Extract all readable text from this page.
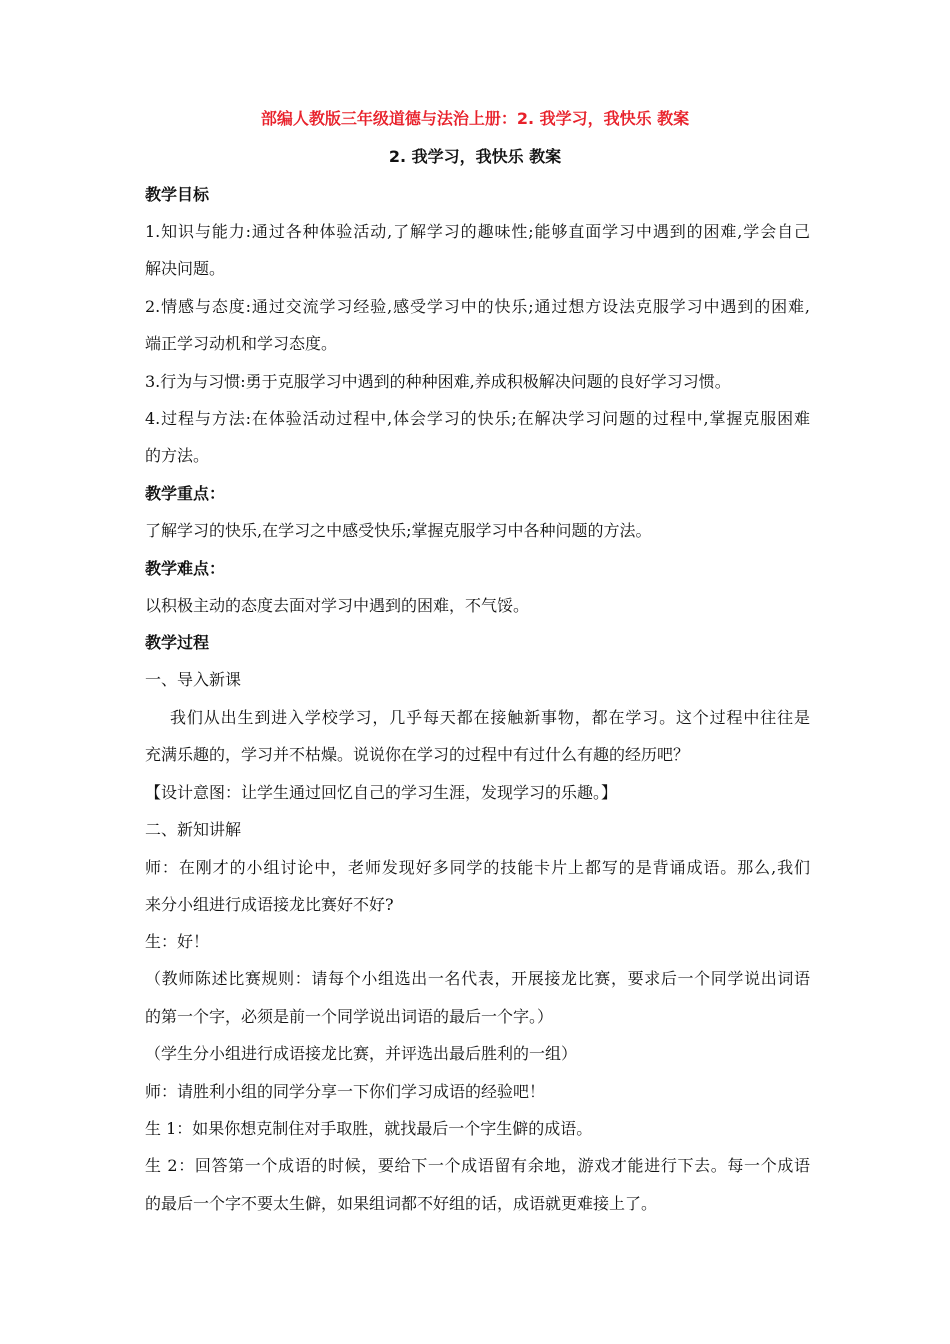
部编人教版三年级道德与法治上册：2. 我学习，我快乐 教案
2. 我学习，我快乐 教案
教学目标
1.知识与能力:通过各种体验活动,了解学习的趣味性;能够直面学习中遇到的困难,学会自己
解决问题。
2.情感与态度:通过交流学习经验,感受学习中的快乐;通过想方设法克服学习中遇到的困难,
端正学习动机和学习态度。
3.行为与习惯:勇于克服学习中遇到的种种困难,养成积极解决问题的良好学习习惯。
4.过程与方法:在体验活动过程中,体会学习的快乐;在解决学习问题的过程中,掌握克服困难
的方法。
教学重点：
了解学习的快乐,在学习之中感受快乐;掌握克服学习中各种问题的方法。
教学难点：
以积极主动的态度去面对学习中遇到的困难，不气馁。
教学过程
一、导入新课
我们从出生到进入学校学习，几乎每天都在接触新事物，都在学习。这个过程中往往是
充满乐趣的，学习并不枯燥。说说你在学习的过程中有过什么有趣的经历吧？
【设计意图：让学生通过回忆自己的学习生涯，发现学习的乐趣。】
二、新知讲解
师：在刚才的小组讨论中，老师发现好多同学的技能卡片上都写的是背诵成语。那么,我们
来分小组进行成语接龙比赛好不好?
生：好！
（教师陈述比赛规则：请每个小组选出一名代表，开展接龙比赛，要求后一个同学说出词语
的第一个字，必须是前一个同学说出词语的最后一个字。）
（学生分小组进行成语接龙比赛，并评选出最后胜利的一组）
师：请胜利小组的同学分享一下你们学习成语的经验吧！
生 1：如果你想克制住对手取胜，就找最后一个字生僻的成语。
生 2：回答第一个成语的时候，要给下一个成语留有余地，游戏才能进行下去。每一个成语
的最后一个字不要太生僻，如果组词都不好组的话，成语就更难接上了。
